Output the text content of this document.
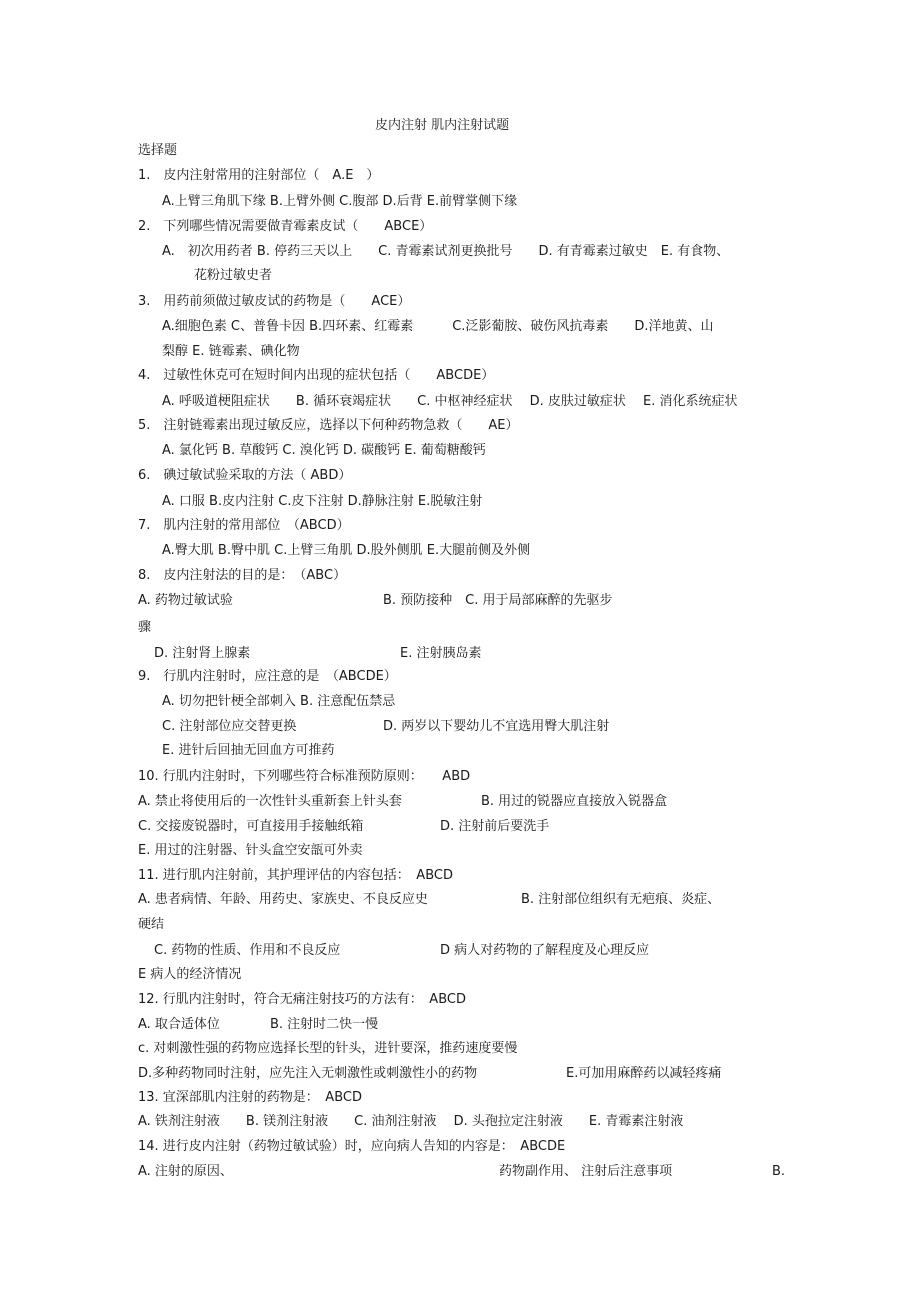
皮内注射 肌内注射试题

选择题

1.　皮内注射常用的注射部位（　A.E　）

A.上臂三角肌下缘 B.上臂外侧 C.腹部 D.后背 E.前臂掌侧下缘

2.　下列哪些情况需要做青霉素皮试（　　ABCE）

A.　初次用药者 B. 停药三天以上　　C. 青霉素试剂更换批号　　D. 有青霉素过敏史　E. 有食物、

花粉过敏史者

3.　用药前须做过敏皮试的药物是（　　ACE）

A.细胞色素 C、普鲁卡因 B.四环素、红霉素　　　C.泛影葡胺、破伤风抗毒素　　D.洋地黄、山

梨醇 E. 链霉素、碘化物

4.　过敏性休克可在短时间内出现的症状包括（　　ABCDE）

A. 呼吸道梗阻症状　　B. 循环衰竭症状　　C. 中枢神经症状　 D. 皮肤过敏症状　 E. 消化系统症状

5.　注射链霉素出现过敏反应，选择以下何种药物急救（　　AE）

A. 氯化钙 B. 草酸钙 C. 溴化钙 D. 碳酸钙 E. 葡萄糖酸钙

6.　碘过敏试验采取的方法（ ABD）

A. 口服 B.皮内注射 C.皮下注射 D.静脉注射 E.脱敏注射

7.　肌内注射的常用部位　（ABCD）

A.臀大肌 B.臀中肌 C.上臂三角肌 D.股外侧肌 E.大腿前侧及外侧

8.　皮内注射法的目的是：　（ABC）

A. 药物过敏试验	B. 预防接种　C. 用于局部麻醉的先驱步

骤

D. 注射肾上腺素	E. 注射胰岛素

9.　行肌内注射时，应注意的是　（ABCDE）

A. 切勿把针梗全部刺入 B. 注意配伍禁忌

C. 注射部位应交替更换	D. 两岁以下婴幼儿不宜选用臀大肌注射

E. 进针后回抽无回血方可推药

10. 行肌内注射时，下列哪些符合标准预防原则：　　ABD

A. 禁止将使用后的一次性针头重新套上针头套	B. 用过的锐器应直接放入锐器盒

C. 交接废锐器时，可直接用手接触纸箱	D. 注射前后要洗手

E. 用过的注射器、针头盒空安瓿可外卖

11. 进行肌内注射前，其护理评估的内容包括：　ABCD

A. 患者病情、年龄、用药史、家族史、不良反应史	B. 注射部位组织有无疤痕、炎症、

硬结

C. 药物的性质、作用和不良反应	D 病人对药物的了解程度及心理反应

E 病人的经济情况

12. 行肌内注射时，符合无痛注射技巧的方法有：　ABCD

A. 取合适体位	B. 注射时二快一慢

c. 对刺激性强的药物应选择长型的针头，进针要深，推药速度要慢

D.多种药物同时注射，应先注入无刺激性或刺激性小的药物	E.可加用麻醉药以减轻疼痛

13. 宜深部肌内注射的药物是：　ABCD

A. 铁剂注射液　　B. 镁剂注射液　　C. 油剂注射液　 D. 头孢拉定注射液　　E. 青霉素注射液

14. 进行皮内注射（药物过敏试验）时，应向病人告知的内容是：　ABCDE

A. 注射的原因、	药物副作用、 注射后注意事项	B.
